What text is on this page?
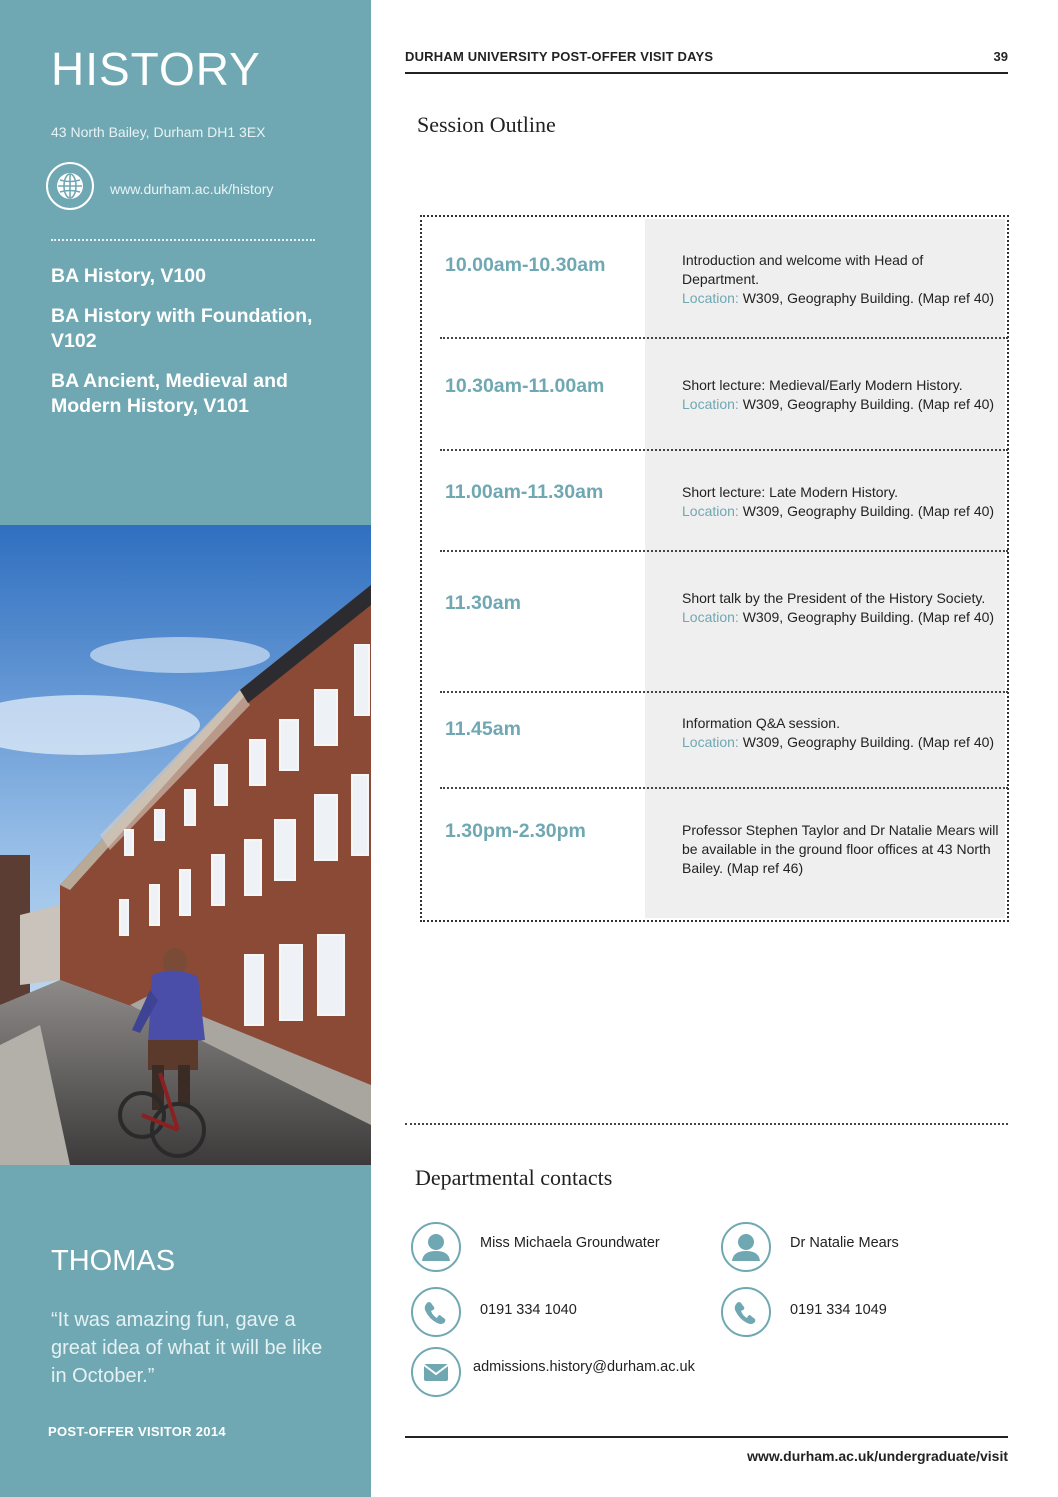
HISTORY
43 North Bailey, Durham DH1 3EX
www.durham.ac.uk/history
BA History, V100
BA History with Foundation, V102
BA Ancient, Medieval and Modern History, V101
THOMAS
“It was amazing fun, gave a great idea of what it will be like in October.”
POST-OFFER VISITOR 2014
DURHAM UNIVERSITY POST-OFFER VISIT DAYS	39
Session Outline
10.00am-10.30am	Introduction and welcome with Head of Department.
Location: W309, Geography Building. (Map ref 40)
10.30am-11.00am	Short lecture: Medieval/Early Modern History.
Location: W309, Geography Building. (Map ref 40)
11.00am-11.30am	Short lecture: Late Modern History.
Location: W309, Geography Building. (Map ref 40)
11.30am	Short talk by the President of the History Society.
Location: W309, Geography Building. (Map ref 40)
11.45am	Information Q&A session.
Location: W309, Geography Building. (Map ref 40)
1.30pm-2.30pm	Professor Stephen Taylor and Dr Natalie Mears will be available in the ground floor offices at 43 North Bailey. (Map ref 46)
Departmental contacts
Miss Michaela Groundwater
0191 334 1040
Dr Natalie Mears
0191 334 1049
admissions.history@durham.ac.uk
www.durham.ac.uk/undergraduate/visit
